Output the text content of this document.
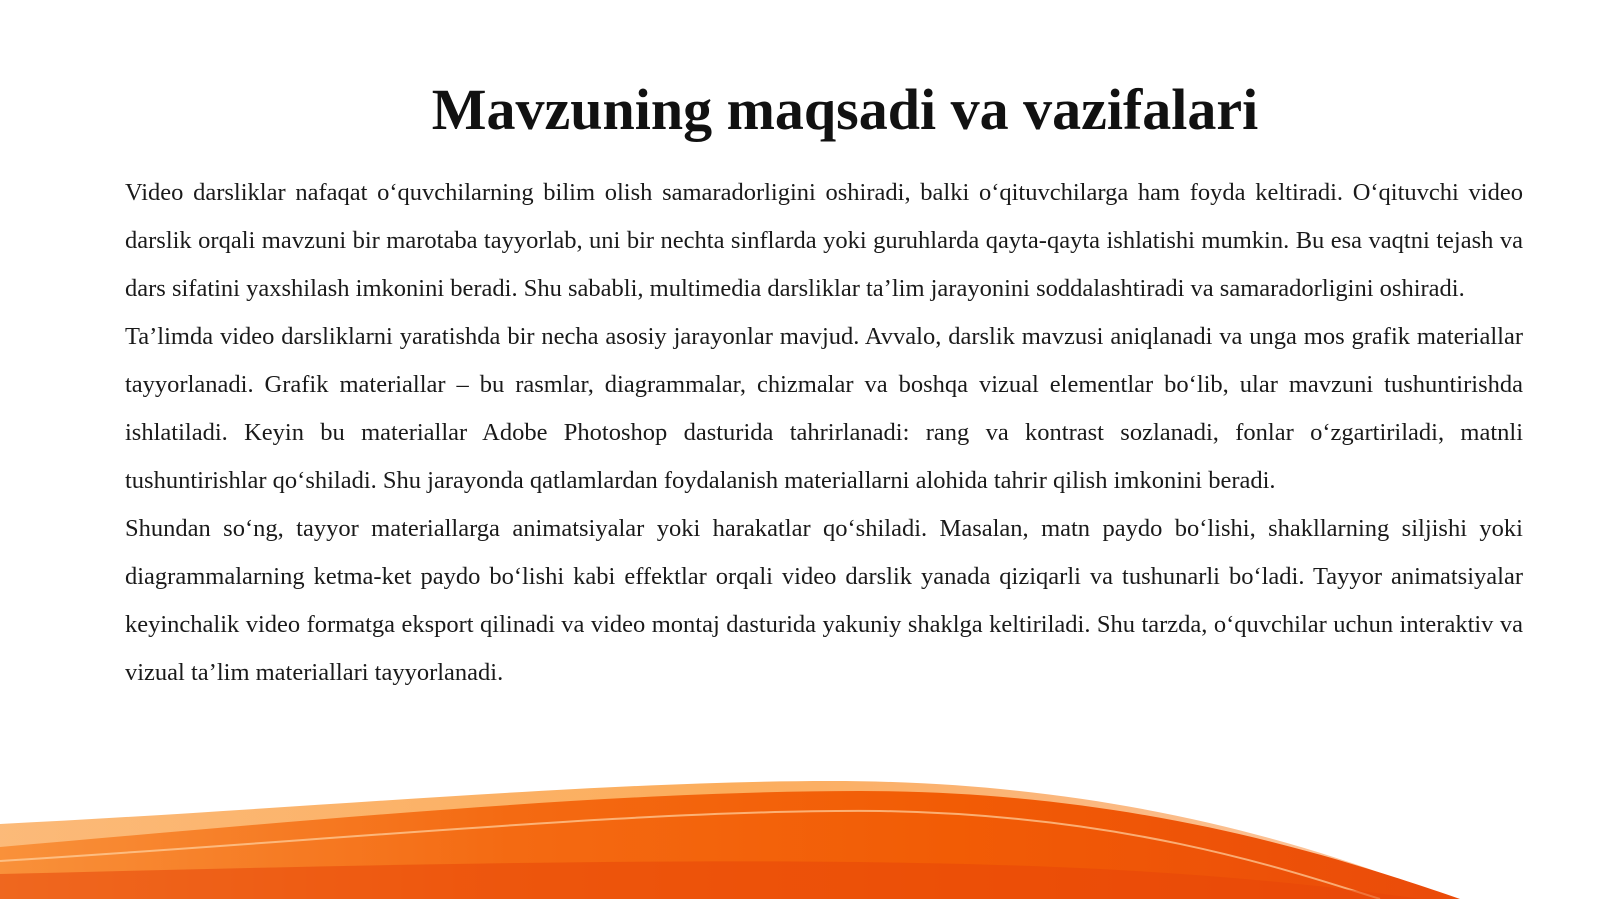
Mavzuning maqsadi va vazifalari

Video darsliklar nafaqat o‘quvchilarning bilim olish samaradorligini oshiradi, balki o‘qituvchilarga ham foyda keltiradi. O‘qituvchi video darslik orqali mavzuni bir marotaba tayyorlab, uni bir nechta sinflarda yoki guruhlarda qayta-qayta ishlatishi mumkin. Bu esa vaqtni tejash va dars sifatini yaxshilash imkonini beradi. Shu sababli, multimedia darsliklar ta’lim jarayonini soddalashtiradi va samaradorligini oshiradi.

Ta’limda video darsliklarni yaratishda bir necha asosiy jarayonlar mavjud. Avvalo, darslik mavzusi aniqlanadi va unga mos grafik materiallar tayyorlanadi. Grafik materiallar – bu rasmlar, diagrammalar, chizmalar va boshqa vizual elementlar bo‘lib, ular mavzuni tushuntirishda ishlatiladi. Keyin bu materiallar Adobe Photoshop dasturida tahrirlanadi: rang va kontrast sozlanadi, fonlar o‘zgartiriladi, matnli tushuntirishlar qo‘shiladi. Shu jarayonda qatlamlardan foydalanish materiallarni alohida tahrir qilish imkonini beradi.

Shundan so‘ng, tayyor materiallarga animatsiyalar yoki harakatlar qo‘shiladi. Masalan, matn paydo bo‘lishi, shakllarning siljishi yoki diagrammalarning ketma-ket paydo bo‘lishi kabi effektlar orqali video darslik yanada qiziqarli va tushunarli bo‘ladi. Tayyor animatsiyalar keyinchalik video formatga eksport qilinadi va video montaj dasturida yakuniy shaklga keltiriladi. Shu tarzda, o‘quvchilar uchun interaktiv va vizual ta’lim materiallari tayyorlanadi.
